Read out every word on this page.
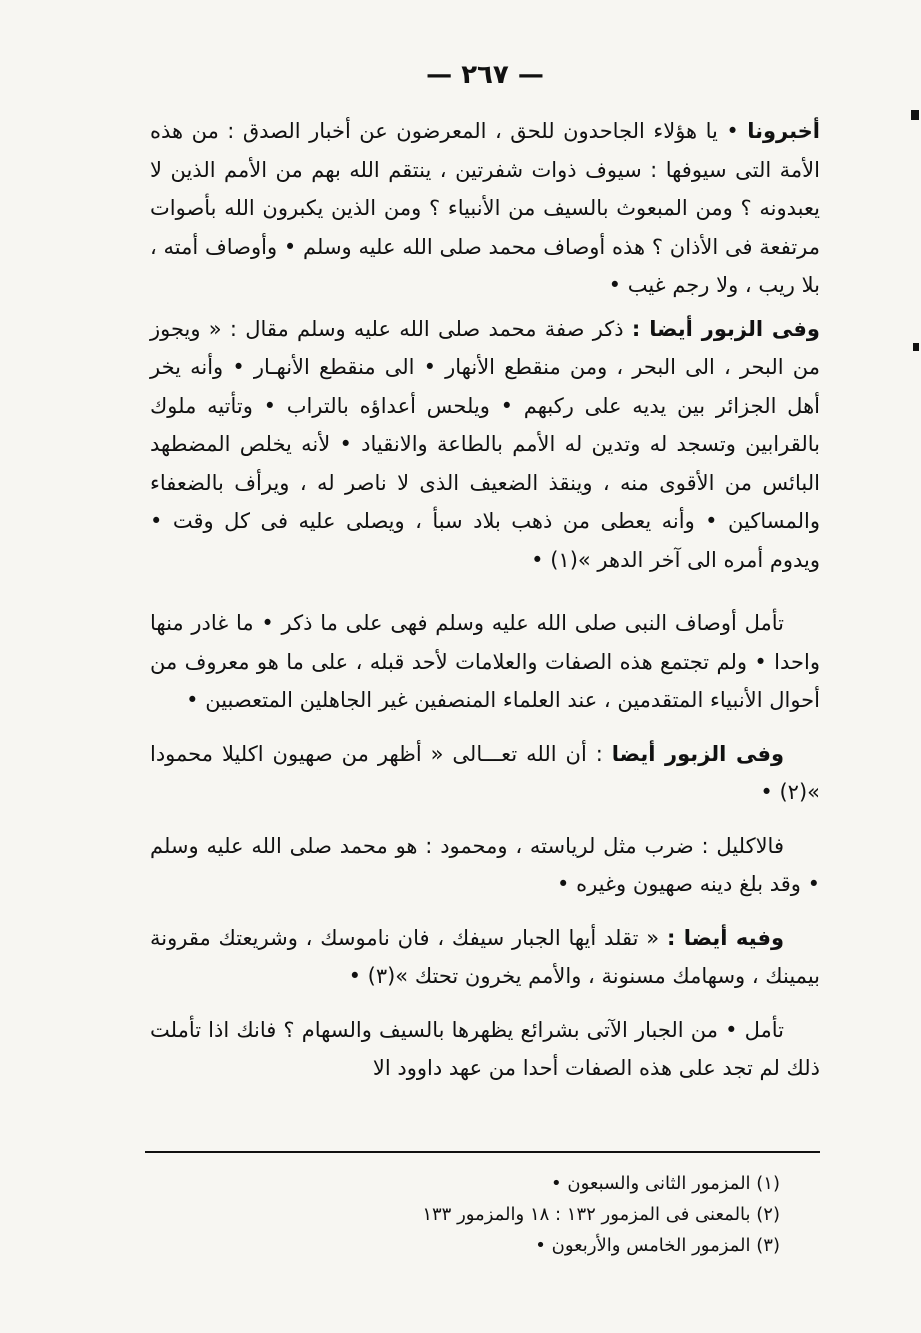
— ٢٦٧ —

أخبرونا • يا هؤلاء الجاحدون للحق ، المعرضون عن أخبار الصدق : من هذه الأمة التى سيوفها : سيوف ذوات شفرتين ، ينتقم الله بهم من الأمم الذين لا يعبدونه ؟ ومن المبعوث بالسيف من الأنبياء ؟ ومن الذين يكبرون الله بأصوات مرتفعة فى الأذان ؟ هذه أوصاف محمد صلى الله عليه وسلم • وأوصاف أمته ، بلا ريب ، ولا رجم غيب •

وفى الزبور أيضا : ذكر صفة محمد صلى الله عليه وسلم مقال : « ويجوز من البحر ، الى البحر ، ومن منقطع الأنهار • الى منقطع الأنهـار • وأنه يخر أهل الجزائر بين يديه على ركبهم • ويلحس أعداؤه بالتراب • وتأتيه ملوك بالقرابين وتسجد له وتدين له الأمم بالطاعة والانقياد • لأنه يخلص المضطهد البائس من الأقوى منه ، وينقذ الضعيف الذى لا ناصر له ، ويرأف بالضعفاء والمساكين • وأنه يعطى من ذهب بلاد سبأ ، ويصلى عليه فى كل وقت • ويدوم أمره الى آخر الدهر »(١) •

تأمل أوصاف النبى صلى الله عليه وسلم فهى على ما ذكر • ما غادر منها واحدا • ولم تجتمع هذه الصفات والعلامات لأحد قبله ، على ما هو معروف من أحوال الأنبياء المتقدمين ، عند العلماء المنصفين غير الجاهلين المتعصبين •

وفى الزبور أيضا : أن الله تعـــالى « أظهر من صهيون اكليلا محمودا »(٢) •

فالاكليل : ضرب مثل لرياسته ، ومحمود : هو محمد صلى الله عليه وسلم • وقد بلغ دينه صهيون وغيره •

وفيه أيضا : « تقلد أيها الجبار سيفك ، فان ناموسك ، وشريعتك مقرونة بيمينك ، وسهامك مسنونة ، والأمم يخرون تحتك »(٣) •

تأمل • من الجبار الآتى بشرائع يظهرها بالسيف والسهام ؟ فانك اذا تأملت ذلك لم تجد على هذه الصفات أحدا من عهد داوود الا

(١) المزمور الثانى والسبعون •

(٢) بالمعنى فى المزمور ١٣٢ : ١٨ والمزمور ١٣٣

(٣) المزمور الخامس والأربعون •
